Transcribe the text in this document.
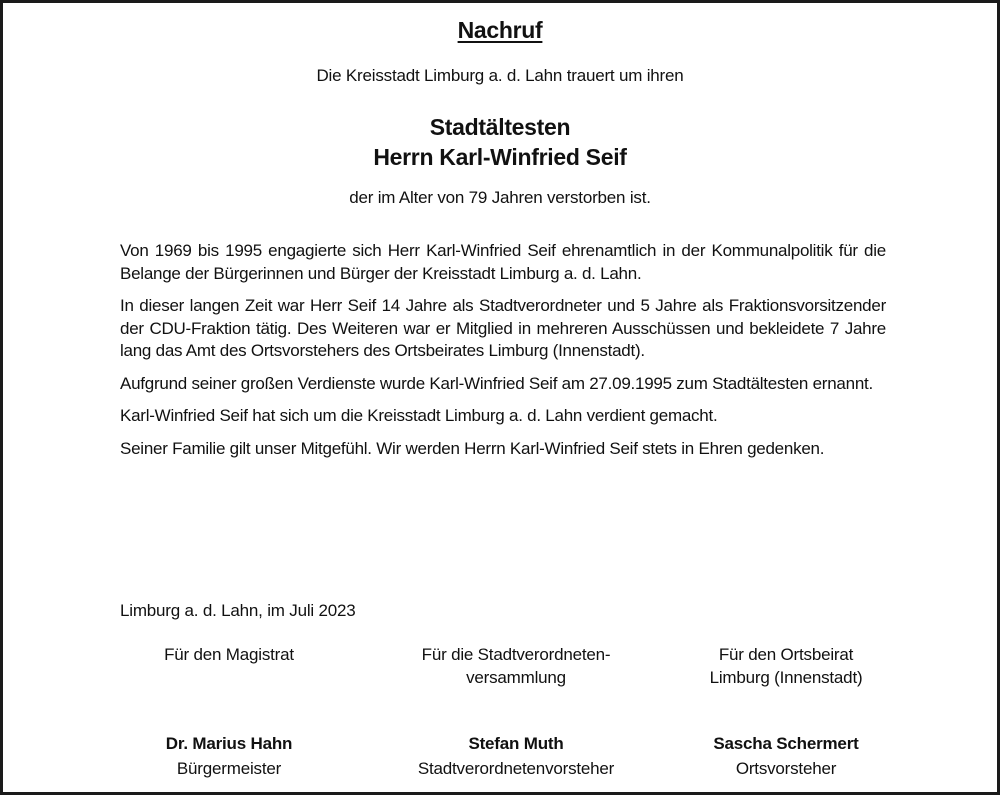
Nachruf
Die Kreisstadt Limburg a. d. Lahn trauert um ihren
Stadtältesten
Herrn Karl-Winfried Seif
der im Alter von 79 Jahren verstorben ist.

Von 1969 bis 1995 engagierte sich Herr Karl-Winfried Seif ehrenamtlich in der Kommunalpolitik für die Belange der Bürgerinnen und Bürger der Kreisstadt Limburg a. d. Lahn.

In dieser langen Zeit war Herr Seif 14 Jahre als Stadtverordneter und 5 Jahre als Fraktionsvorsitzender der CDU-Fraktion tätig. Des Weiteren war er Mitglied in mehreren Ausschüssen und bekleidete 7 Jahre lang das Amt des Ortsvorstehers des Ortsbeirates Limburg (Innenstadt).

Aufgrund seiner großen Verdienste wurde Karl-Winfried Seif am 27.09.1995 zum Stadtältesten ernannt.

Karl-Winfried Seif hat sich um die Kreisstadt Limburg a. d. Lahn verdient gemacht.

Seiner Familie gilt unser Mitgefühl. Wir werden Herrn Karl-Winfried Seif stets in Ehren gedenken.

Limburg a. d. Lahn, im Juli 2023
Für den Magistrat
Dr. Marius Hahn
Bürgermeister
Für die Stadtverordneten-
versammlung
Stefan Muth
Stadtverordnetenvorsteher
Für den Ortsbeirat
Limburg (Innenstadt)
Sascha Schermert
Ortsvorsteher
